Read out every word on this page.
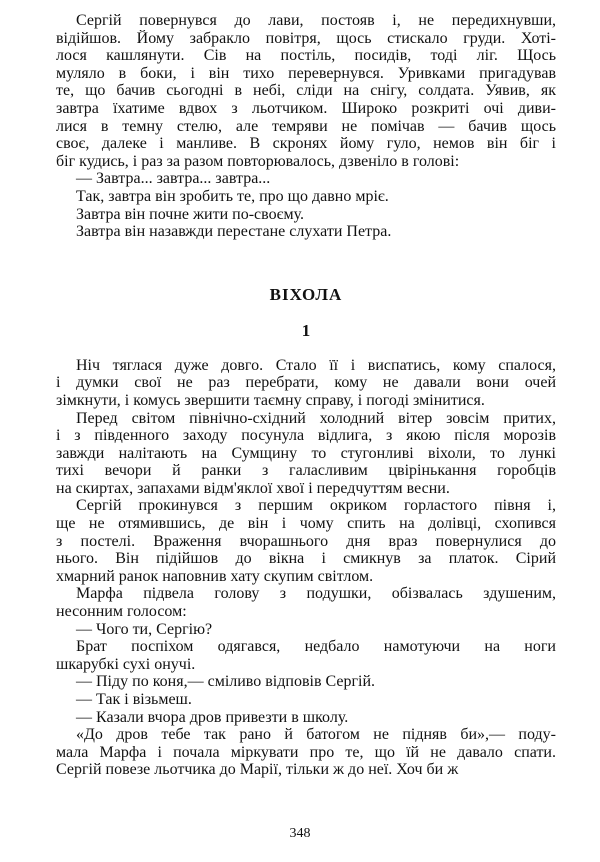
Сергій повернувся до лави, постояв і, не передихнувши,
відійшов. Йому забракло повітря, щось стискало груди. Хоті-
лося кашлянути. Сів на постіль, посидів, тоді ліг. Щось
муляло в боки, і він тихо перевернувся. Уривками пригадував
те, що бачив сьогодні в небі, сліди на снігу, солдата. Уявив, як
завтра їхатиме вдвох з льотчиком. Широко розкриті очі диви-
лися в темну стелю, але темряви не помічав — бачив щось
своє, далеке і манливе. В скронях йому гуло, немов він біг і
біг кудись, і раз за разом повторювалось, дзвеніло в голові:
— Завтра... завтра... завтра...
Так, завтра він зробить те, про що давно мріє.
Завтра він почне жити по-своєму.
Завтра він назавжди перестане слухати Петра.
ВІХОЛА
1
Ніч тяглася дуже довго. Стало її і виспатись, кому спалося,
і думки свої не раз перебрати, кому не давали вони очей
зімкнути, і комусь звершити таємну справу, і погоді змінитися.
Перед світом північно-східний холодний вітер зовсім притих,
і з південного заходу посунула відлига, з якою після морозів
завжди налітають на Сумщину то стугонливі віхоли, то лункі
тихі вечори й ранки з галасливим цвірінькання горобців
на скиртах, запахами відм'яклої хвої і передчуттям весни.
Сергій прокинувся з першим окриком горластого півня і,
ще не отямившись, де він і чому спить на долівці, схопився
з постелі. Враження вчорашнього дня враз повернулися до
нього. Він підійшов до вікна і смикнув за платок. Сірий
хмарний ранок наповнив хату скупим світлом.
Марфа підвела голову з подушки, обізвалась здушеним,
несонним голосом:
— Чого ти, Сергію?
Брат поспіхом одягався, недбало намотуючи на ноги
шкарубкі сухі онучі.
— Піду по коня,— сміливо відповів Сергій.
— Так і візьмеш.
— Казали вчора дров привезти в школу.
«До дров тебе так рано й батогом не підняв би»,— поду-
мала Марфа і почала міркувати про те, що їй не давало спати.
Сергій повезе льотчика до Марії, тільки ж до неї. Хоч би ж
348
